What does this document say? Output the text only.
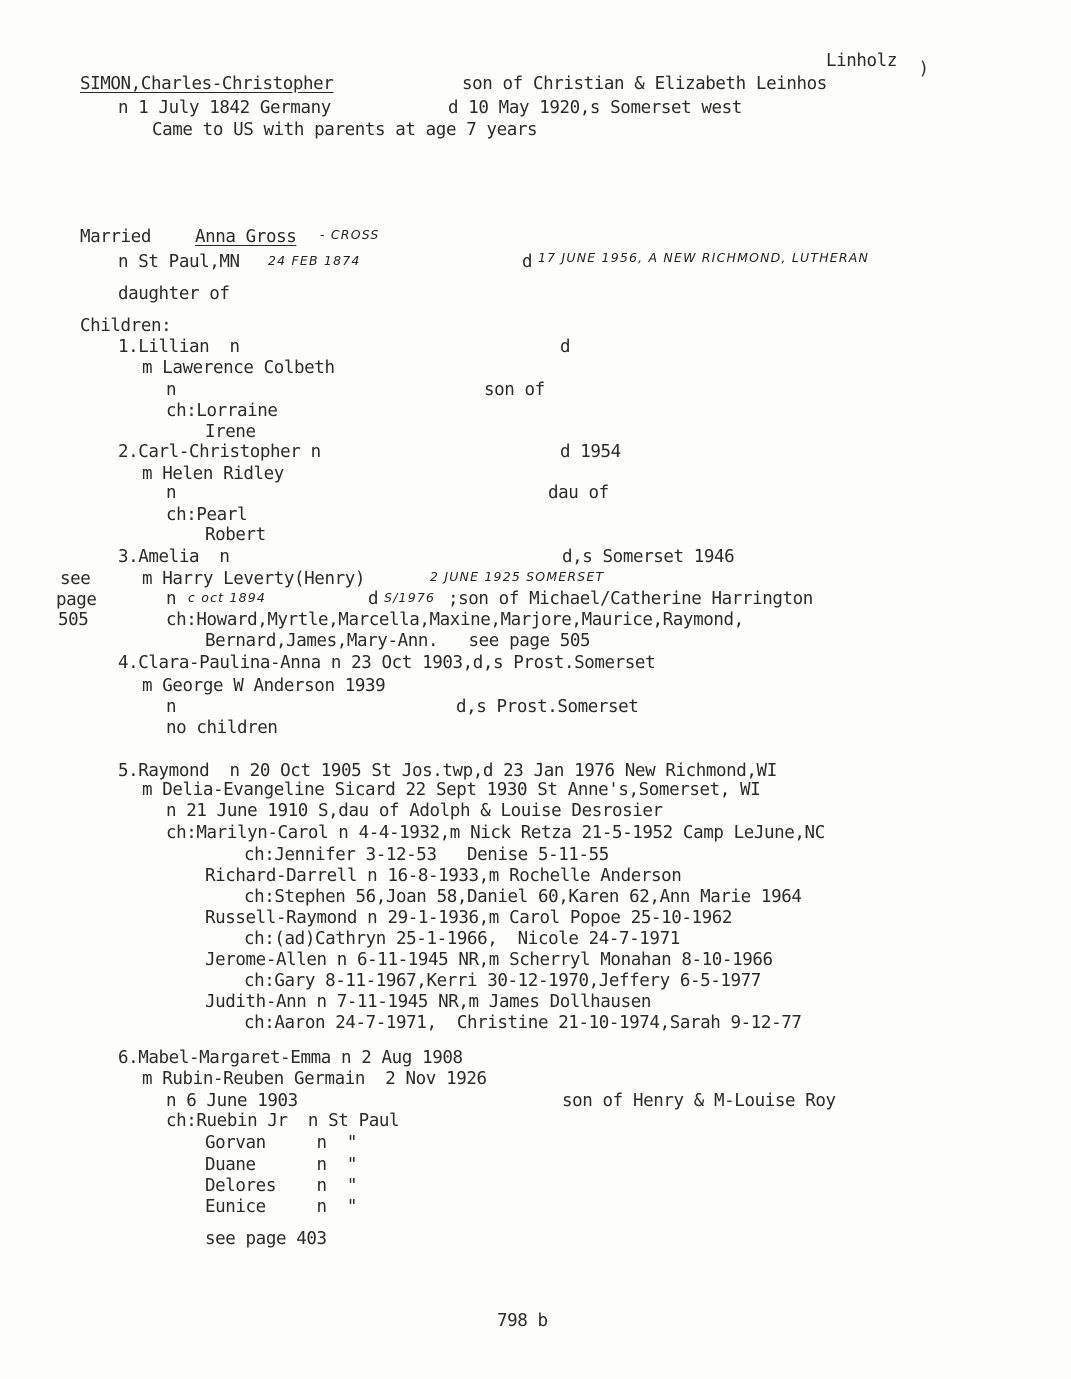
Linholz )
SIMON,Charles-Christopher	son of Christian & Elizabeth Leinhos
n 1 July 1842 Germany	d 10 May 1920,s Somerset west
Came to US with parents at age 7 years
Married	Anna Gross - CROSS
n St Paul,MN 24 FEB 1874	d 17 JUNE 1956, A NEW RICHMOND, LUTHERAN
daughter of
Children:
1.Lillian  n	d
m Lawerence Colbeth
n	son of
ch:Lorraine
Irene
2.Carl-Christopher n	d 1954
m Helen Ridley
n	dau of
ch:Pearl
Robert
3.Amelia  n	d,s Somerset 1946
see
page
505
m Harry Leverty(Henry)	2 JUNE 1925 SOMERSET
n c oct 1894	d S/1976 ;son of Michael/Catherine Harrington
ch:Howard,Myrtle,Marcella,Maxine,Marjore,Maurice,Raymond,
Bernard,James,Mary-Ann.   see page 505
4.Clara-Paulina-Anna n 23 Oct 1903,d,s Prost.Somerset
m George W Anderson 1939
n	d,s Prost.Somerset
no children
5.Raymond  n 20 Oct 1905 St Jos.twp,d 23 Jan 1976 New Richmond,WI
m Delia-Evangeline Sicard 22 Sept 1930 St Anne's,Somerset, WI
n 21 June 1910 S,dau of Adolph & Louise Desrosier
ch:Marilyn-Carol n 4-4-1932,m Nick Retza 21-5-1952 Camp LeJune,NC
ch:Jennifer 3-12-53   Denise 5-11-55
Richard-Darrell n 16-8-1933,m Rochelle Anderson
ch:Stephen 56,Joan 58,Daniel 60,Karen 62,Ann Marie 1964
Russell-Raymond n 29-1-1936,m Carol Popoe 25-10-1962
ch:(ad)Cathryn 25-1-1966,  Nicole 24-7-1971
Jerome-Allen n 6-11-1945 NR,m Scherryl Monahan 8-10-1966
ch:Gary 8-11-1967,Kerri 30-12-1970,Jeffery 6-5-1977
Judith-Ann n 7-11-1945 NR,m James Dollhausen
ch:Aaron 24-7-1971,  Christine 21-10-1974,Sarah 9-12-77
6.Mabel-Margaret-Emma n 2 Aug 1908
m Rubin-Reuben Germain  2 Nov 1926
n 6 June 1903	son of Henry & M-Louise Roy
ch:Ruebin Jr  n St Paul
Gorvan     n  "
Duane      n  "
Delores    n  "
Eunice     n  "
see page 403
798 b
